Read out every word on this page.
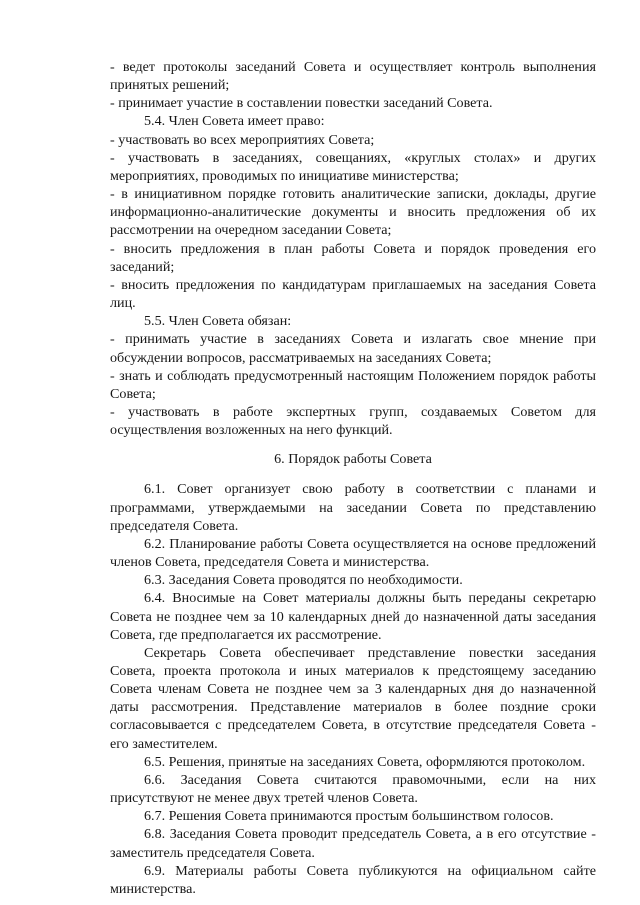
- ведет протоколы заседаний Совета и осуществляет контроль выполнения принятых решений;

- принимает участие в составлении повестки заседаний Совета.

5.4. Член Совета имеет право:

- участвовать во всех мероприятиях Совета;

- участвовать в заседаниях, совещаниях, «круглых столах» и других мероприятиях, проводимых по инициативе министерства;

- в инициативном порядке готовить аналитические записки, доклады, другие информационно-аналитические документы и вносить предложения об их рассмотрении на очередном заседании Совета;

- вносить предложения в план работы Совета и порядок проведения его заседаний;

- вносить предложения по кандидатурам приглашаемых на заседания Совета лиц.

5.5. Член Совета обязан:

- принимать участие в заседаниях Совета и излагать свое мнение при обсуждении вопросов, рассматриваемых на заседаниях Совета;

- знать и соблюдать предусмотренный настоящим Положением порядок работы Совета;

- участвовать в работе экспертных групп, создаваемых Советом для осуществления возложенных на него функций.

6. Порядок работы Совета

6.1. Совет организует свою работу в соответствии с планами и программами, утверждаемыми на заседании Совета по представлению председателя Совета.

6.2. Планирование работы Совета осуществляется на основе предложений членов Совета, председателя Совета и министерства.

6.3. Заседания Совета проводятся по необходимости.

6.4. Вносимые на Совет материалы должны быть переданы секретарю Совета не позднее чем за 10 календарных дней до назначенной даты заседания Совета, где предполагается их рассмотрение.

Секретарь Совета обеспечивает представление повестки заседания Совета, проекта протокола и иных материалов к предстоящему заседанию Совета членам Совета не позднее чем за 3 календарных дня до назначенной даты рассмотрения. Представление материалов в более поздние сроки согласовывается с председателем Совета, в отсутствие председателя Совета - его заместителем.

6.5. Решения, принятые на заседаниях Совета, оформляются протоколом.

6.6. Заседания Совета считаются правомочными, если на них присутствуют не менее двух третей членов Совета.

6.7. Решения Совета принимаются простым большинством голосов.

6.8. Заседания Совета проводит председатель Совета, а в его отсутствие - заместитель председателя Совета.

6.9. Материалы работы Совета публикуются на официальном сайте министерства.
